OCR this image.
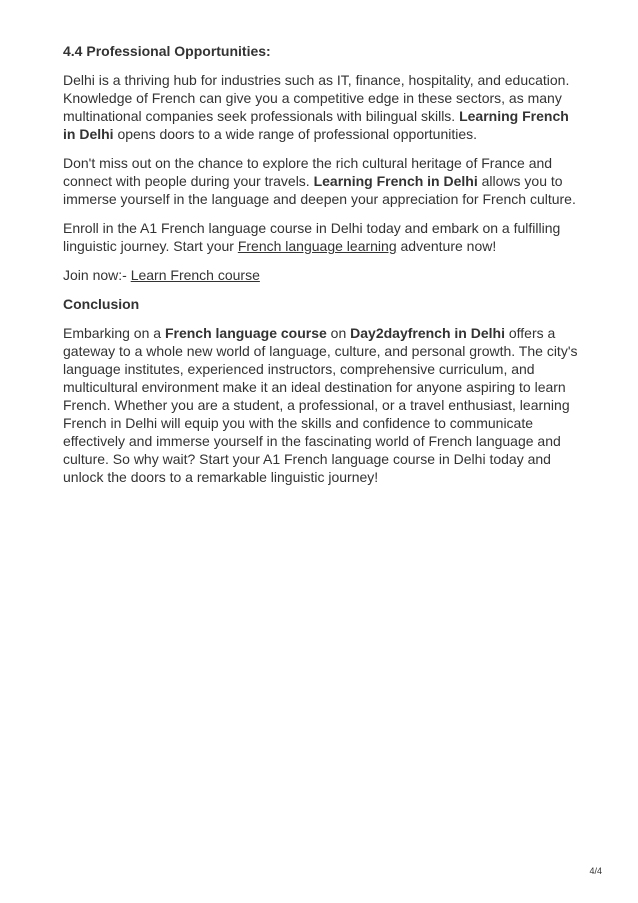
4.4 Professional Opportunities:

Delhi is a thriving hub for industries such as IT, finance, hospitality, and education. Knowledge of French can give you a competitive edge in these sectors, as many multinational companies seek professionals with bilingual skills. Learning French in Delhi opens doors to a wide range of professional opportunities.

Don't miss out on the chance to explore the rich cultural heritage of France and connect with people during your travels. Learning French in Delhi allows you to immerse yourself in the language and deepen your appreciation for French culture.

Enroll in the A1 French language course in Delhi today and embark on a fulfilling linguistic journey. Start your French language learning adventure now!

Join now:- Learn French course

Conclusion

Embarking on a French language course on Day2dayfrench in Delhi offers a gateway to a whole new world of language, culture, and personal growth. The city's language institutes, experienced instructors, comprehensive curriculum, and multicultural environment make it an ideal destination for anyone aspiring to learn French. Whether you are a student, a professional, or a travel enthusiast, learning French in Delhi will equip you with the skills and confidence to communicate effectively and immerse yourself in the fascinating world of French language and culture. So why wait? Start your A1 French language course in Delhi today and unlock the doors to a remarkable linguistic journey!

4/4
